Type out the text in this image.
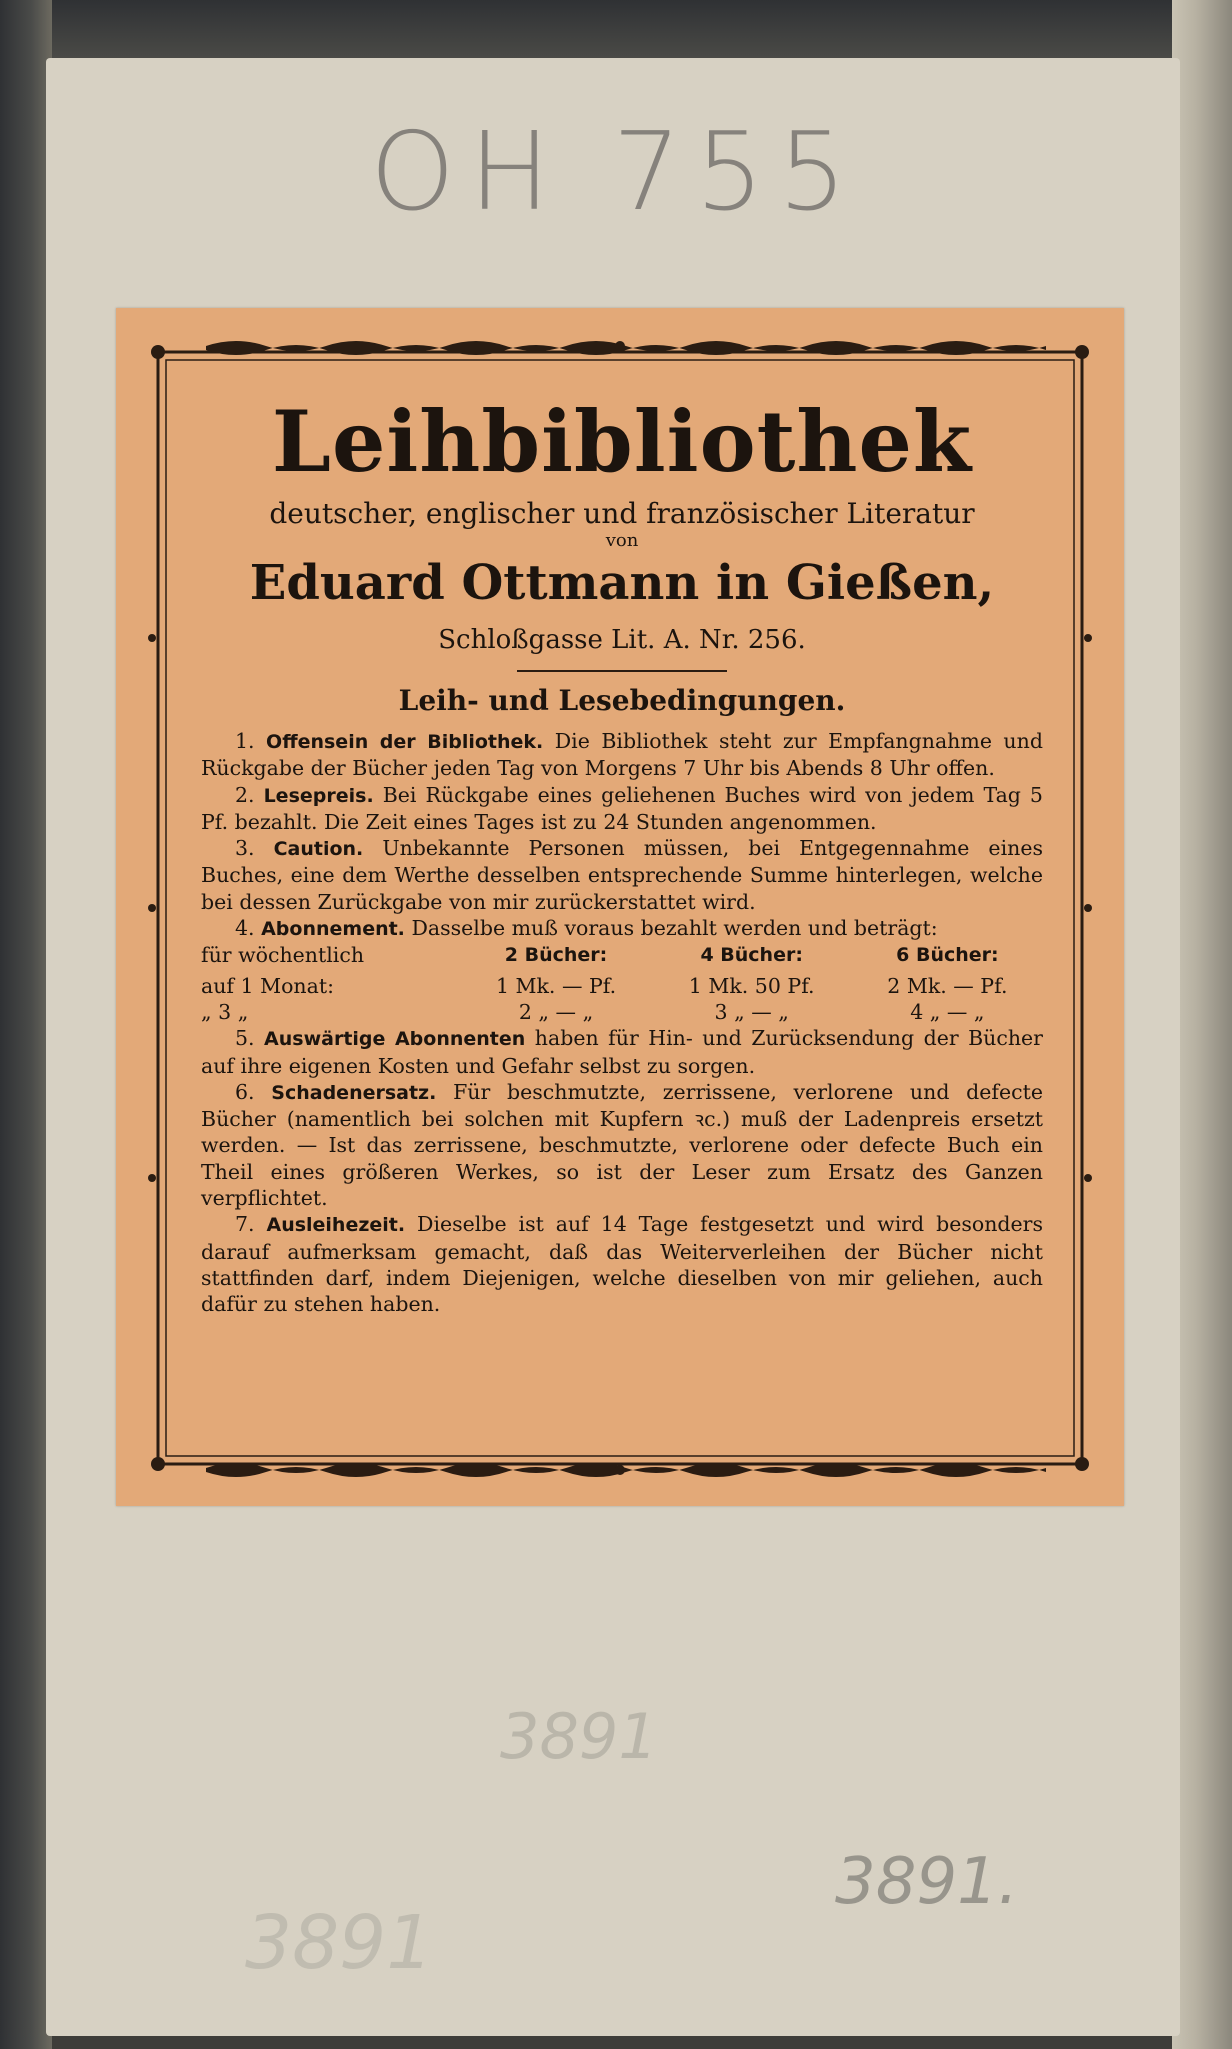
OH 755
3891
3891.
3891
Leihbibliothek
deutscher, englischer und französischer Literatur
von
Eduard Ottmann in Gießen,
Schloßgasse Lit. A. Nr. 256.
Leih- und Lesebedingungen.

1. Offensein der Bibliothek. Die Bibliothek steht zur Empfangnahme und Rückgabe der Bücher jeden Tag von Morgens 7 Uhr bis Abends 8 Uhr offen.

2. Lesepreis. Bei Rückgabe eines geliehenen Buches wird von jedem Tag 5 Pf. bezahlt. Die Zeit eines Tages ist zu 24 Stunden angenommen.

3. Caution. Unbekannte Personen müssen, bei Entgegennahme eines Buches, eine dem Werthe desselben entsprechende Summe hinterlegen, welche bei dessen Zurückgabe von mir zurückerstattet wird.

4. Abonnement. Dasselbe muß voraus bezahlt werden und beträgt:

für wöchentlich	2 Bücher:	4 Bücher:	6 Bücher:
auf 1 Monat:	1 Mk. — Pf.	1 Mk. 50 Pf.	2 Mk. — Pf.
„ 3 „	2 „ — „	3 „ — „	4 „ — „

5. Auswärtige Abonnenten haben für Hin- und Zurücksendung der Bücher auf ihre eigenen Kosten und Gefahr selbst zu sorgen.

6. Schadenersatz. Für beschmutzte, zerrissene, verlorene und defecte Bücher (namentlich bei solchen mit Kupfern ꝛc.) muß der Ladenpreis ersetzt werden. — Ist das zerrissene, beschmutzte, verlorene oder defecte Buch ein Theil eines größeren Werkes, so ist der Leser zum Ersatz des Ganzen verpflichtet.

7. Ausleihezeit. Dieselbe ist auf 14 Tage festgesetzt und wird besonders darauf aufmerksam gemacht, daß das Weiterverleihen der Bücher nicht stattfinden darf, indem Diejenigen, welche dieselben von mir geliehen, auch dafür zu stehen haben.
